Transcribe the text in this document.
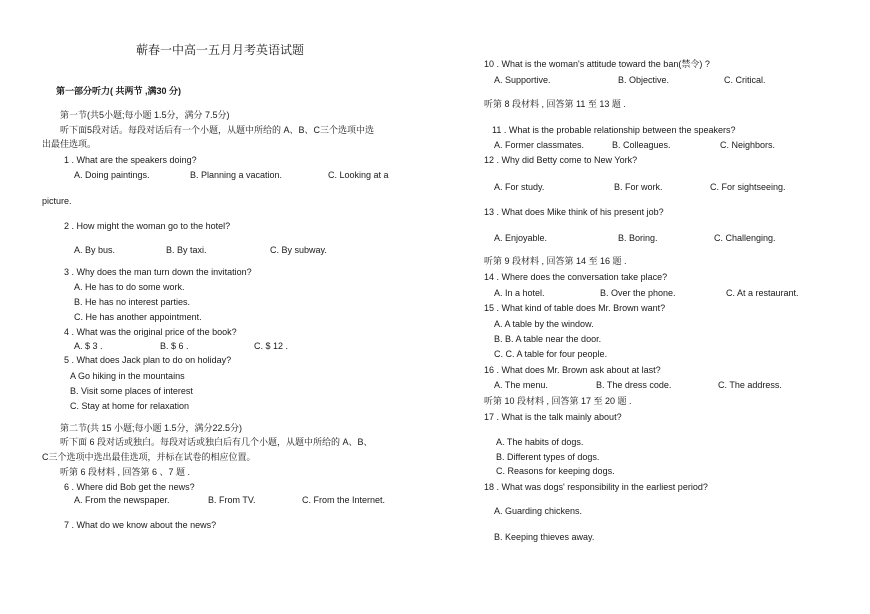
蕲春一中高一五月月考英语试题
第一部分听力( 共两节 ,满30 分)
第一节(共5小题;每小题 1.5分，满分 7.5分)
听下面5段对话。每段对话后有一个小题，从题中所给的 A、B、C三个选项中选
出最佳选项。
1 . What are the speakers doing?
A. Doing paintings.	B. Planning a vacation.	C. Looking at a
picture.
2 . How might the woman go to the hotel?
A. By bus.	B. By taxi.	C. By subway.
3 . Why does the man turn down the invitation?
A. He has to do some work.
B. He has no interest parties.
C. He has another appointment.
4 . What was the original price of the book?
A. $ 3 .	B. $ 6 .	C. $ 12 .
5 . What does Jack plan to do on holiday?
A Go hiking in the mountains
B. Visit some places of interest
C. Stay at home for relaxation
第二节(共 15 小题;每小题 1.5分，满分22.5分)
听下面 6 段对话或独白。每段对话或独白后有几个小题，从题中所给的 A、B、
C三个选项中选出最佳选项，并标在试卷的相应位置。
听第 6 段材料 , 回答第 6 、7 题 .
6 . Where did Bob get the news?
A. From the newspaper.	B. From TV.	C. From the Internet.
7 . What do we know about the news?
10 . What is the woman's attitude toward the ban(禁令) ?
A. Supportive.	B. Objective.	C. Critical.
听第 8 段材料 , 回答第 11 至 13 题 .
11 . What is the probable relationship between the speakers?
A. Former classmates.	B. Colleagues.	C. Neighbors.
12 . Why did Betty come to New York?
A. For study.	B. For work.	C. For sightseeing.
13 . What does Mike think of his present job?
A. Enjoyable.	B. Boring.	C. Challenging.
听第 9 段材料 , 回答第 14 至 16 题 .
14 . Where does the conversation take place?
A. In a hotel.	B. Over the phone.	C. At a restaurant.
15 . What kind of table does Mr. Brown want?
A. A table by the window.
B. B. A table near the door.
C. C. A table for four people.
16 . What does Mr. Brown ask about at last?
A. The menu.	B. The dress code.	C. The address.
听第 10 段材料 , 回答第 17 至 20 题 .
17 . What is the talk mainly about?
A. The habits of dogs.
B. Different types of dogs.
C. Reasons for keeping dogs.
18 . What was dogs' responsibility in the earliest period?
A. Guarding chickens.
B. Keeping thieves away.
